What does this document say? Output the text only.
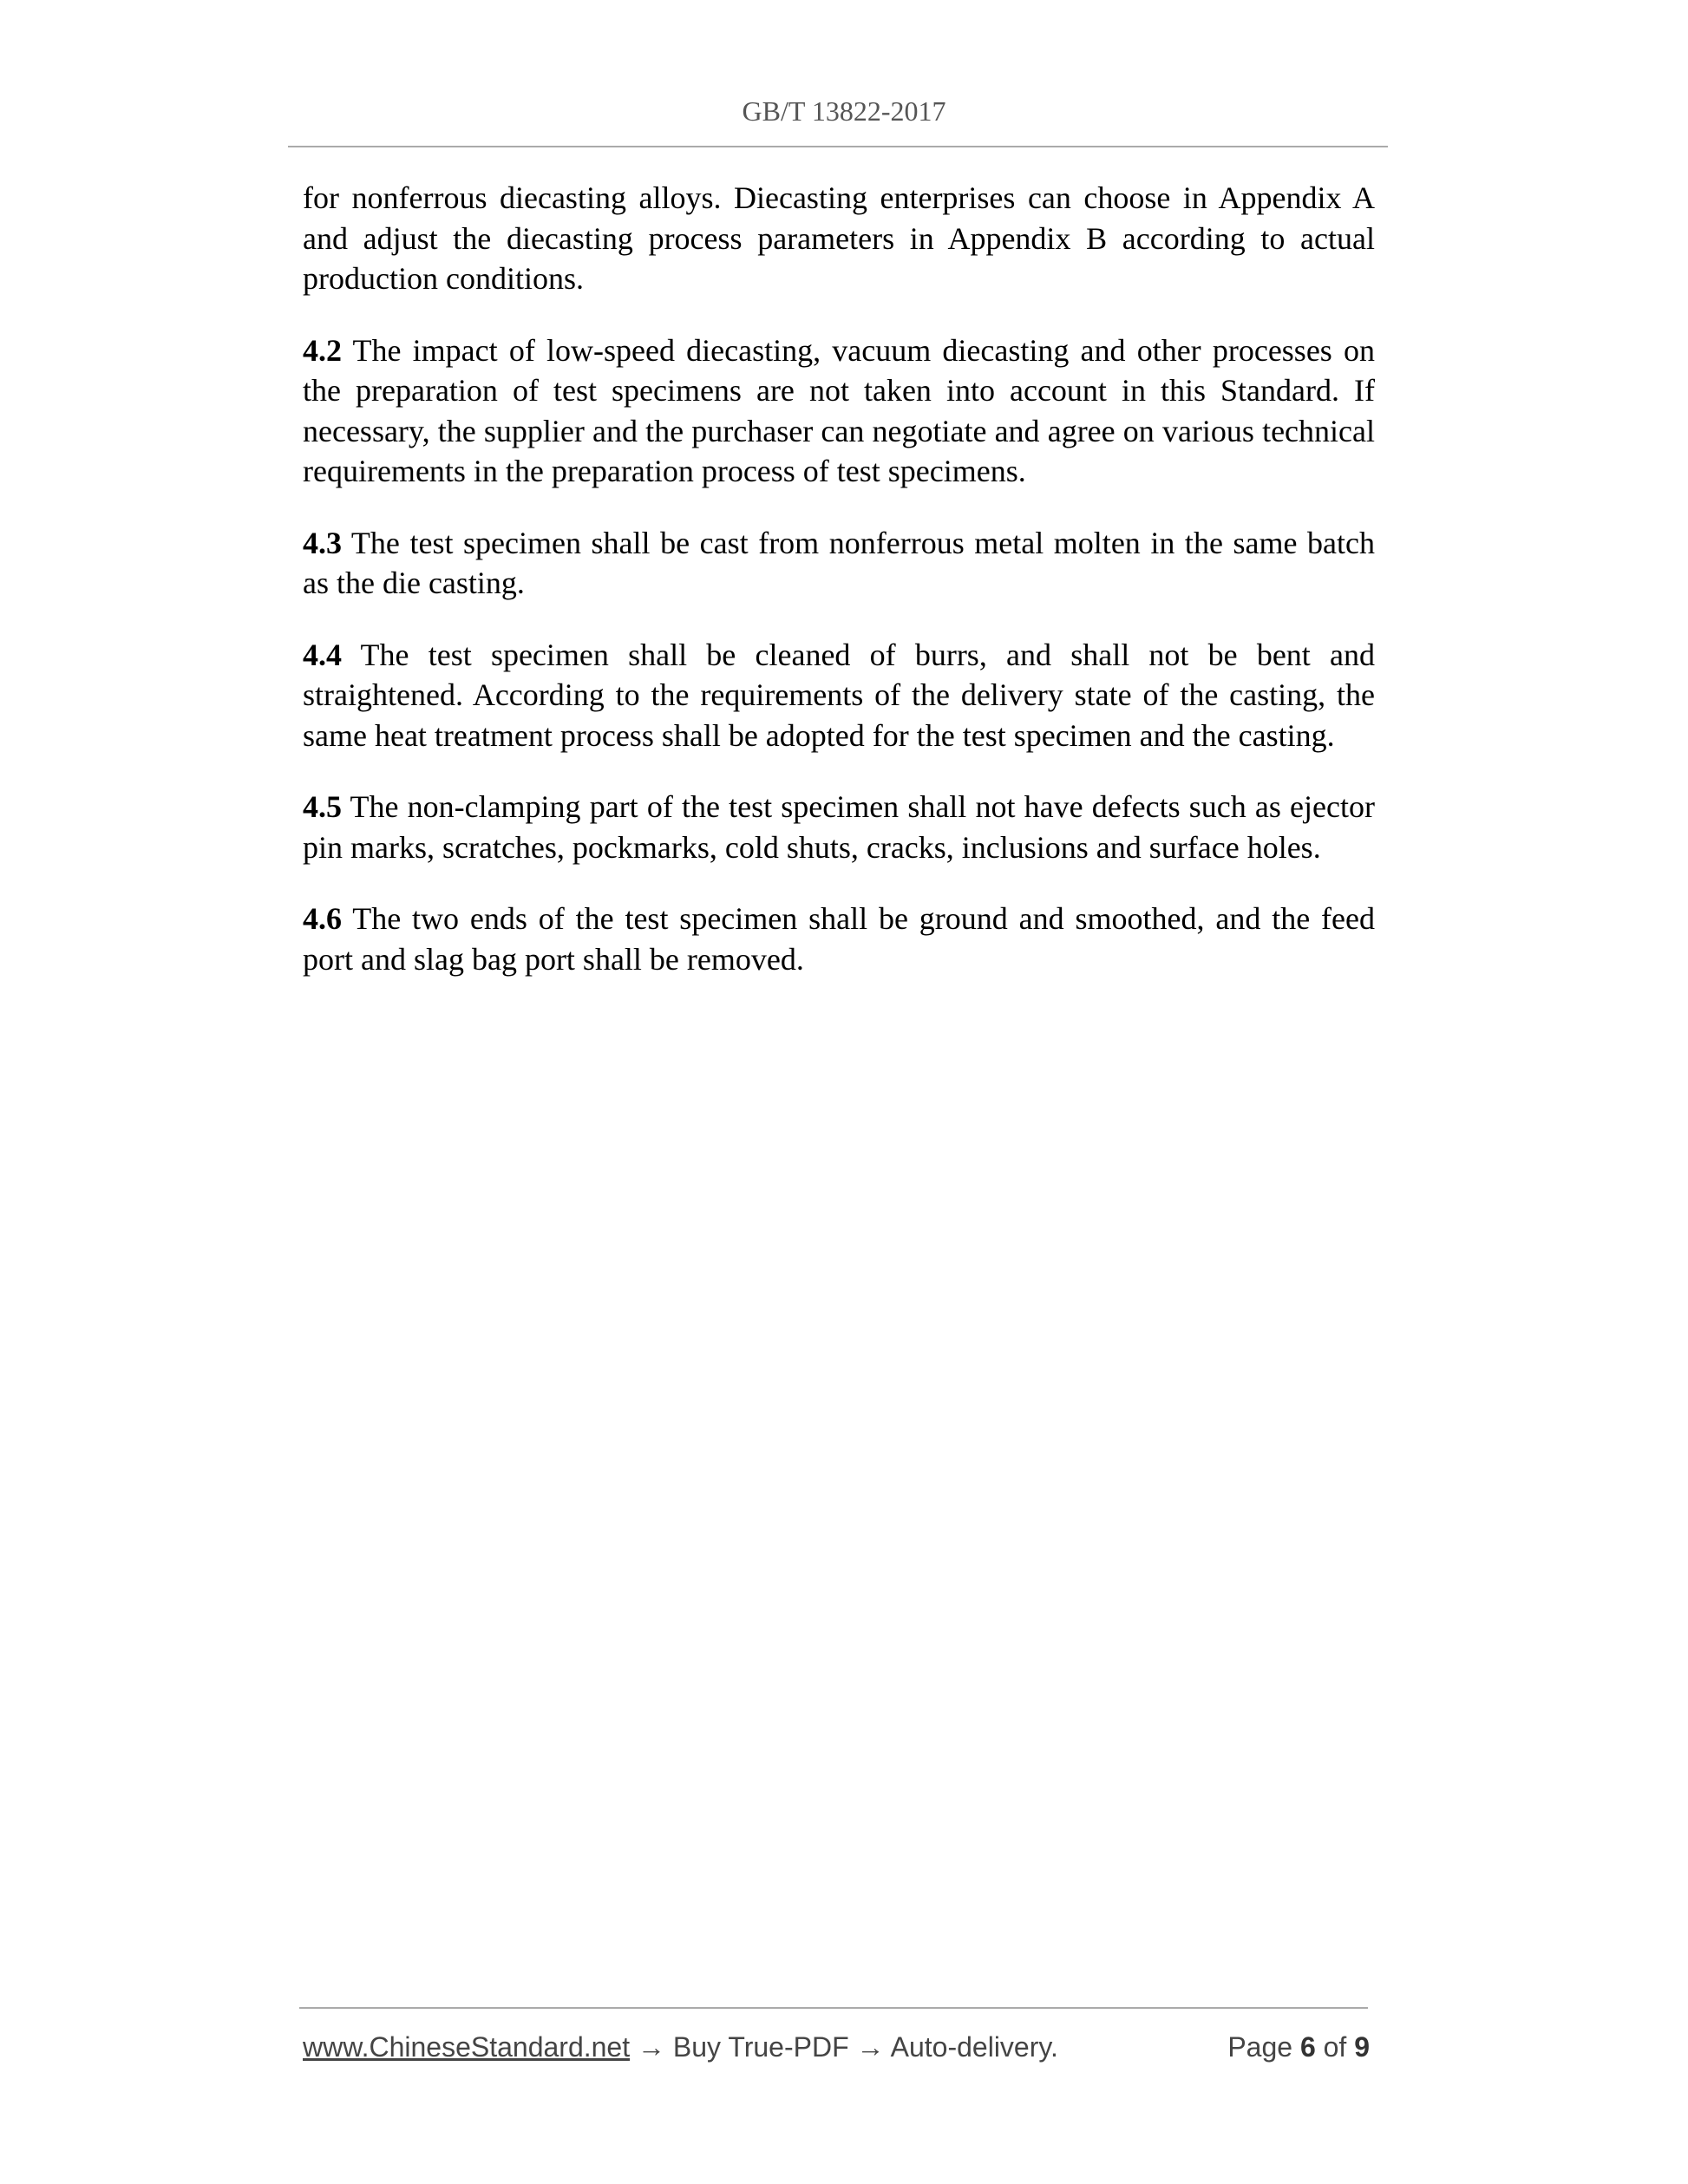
GB/T 13822-2017

for nonferrous diecasting alloys. Diecasting enterprises can choose in Appendix A and adjust the diecasting process parameters in Appendix B according to actual production conditions.

4.2 The impact of low-speed diecasting, vacuum diecasting and other processes on the preparation of test specimens are not taken into account in this Standard. If necessary, the supplier and the purchaser can negotiate and agree on various technical requirements in the preparation process of test specimens.

4.3 The test specimen shall be cast from nonferrous metal molten in the same batch as the die casting.

4.4 The test specimen shall be cleaned of burrs, and shall not be bent and straightened. According to the requirements of the delivery state of the casting, the same heat treatment process shall be adopted for the test specimen and the casting.

4.5 The non-clamping part of the test specimen shall not have defects such as ejector pin marks, scratches, pockmarks, cold shuts, cracks, inclusions and surface holes.

4.6 The two ends of the test specimen shall be ground and smoothed, and the feed port and slag bag port shall be removed.

www.ChineseStandard.net → Buy True-PDF → Auto-delivery.	Page 6 of 9
